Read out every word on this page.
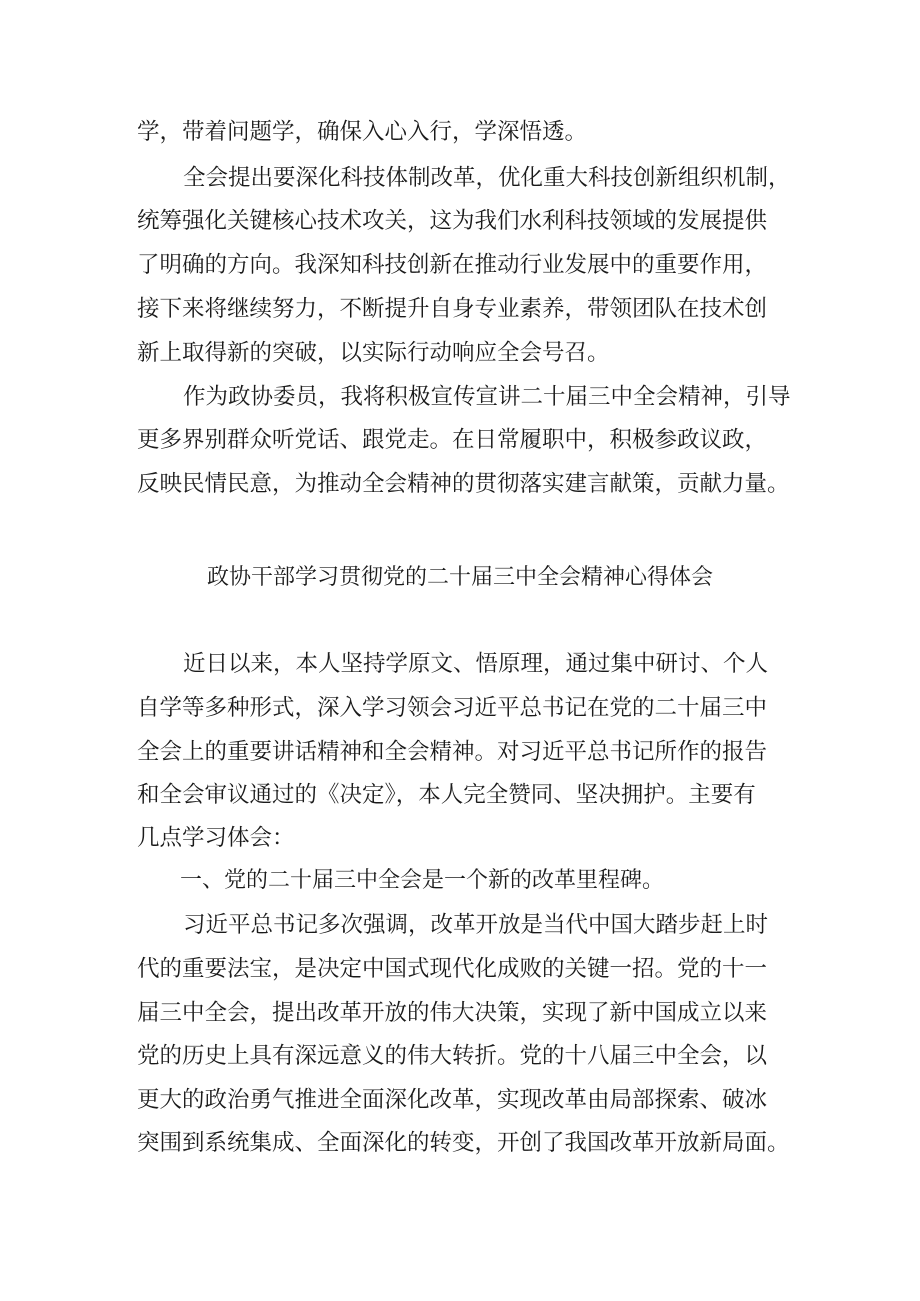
学，带着问题学，确保入心入行，学深悟透。
全会提出要深化科技体制改革，优化重大科技创新组织机制，
统筹强化关键核心技术攻关，这为我们水利科技领域的发展提供
了明确的方向。我深知科技创新在推动行业发展中的重要作用，
接下来将继续努力，不断提升自身专业素养，带领团队在技术创
新上取得新的突破，以实际行动响应全会号召。
作为政协委员，我将积极宣传宣讲二十届三中全会精神，引导
更多界别群众听党话、跟党走。在日常履职中，积极参政议政，
反映民情民意，为推动全会精神的贯彻落实建言献策，贡献力量。
政协干部学习贯彻党的二十届三中全会精神心得体会
近日以来，本人坚持学原文、悟原理，通过集中研讨、个人
自学等多种形式，深入学习领会习近平总书记在党的二十届三中
全会上的重要讲话精神和全会精神。对习近平总书记所作的报告
和全会审议通过的《决定》，本人完全赞同、坚决拥护。主要有
几点学习体会：
一、党的二十届三中全会是一个新的改革里程碑。
习近平总书记多次强调，改革开放是当代中国大踏步赶上时
代的重要法宝，是决定中国式现代化成败的关键一招。党的十一
届三中全会，提出改革开放的伟大决策，实现了新中国成立以来
党的历史上具有深远意义的伟大转折。党的十八届三中全会，以
更大的政治勇气推进全面深化改革，实现改革由局部探索、破冰
突围到系统集成、全面深化的转变，开创了我国改革开放新局面。
